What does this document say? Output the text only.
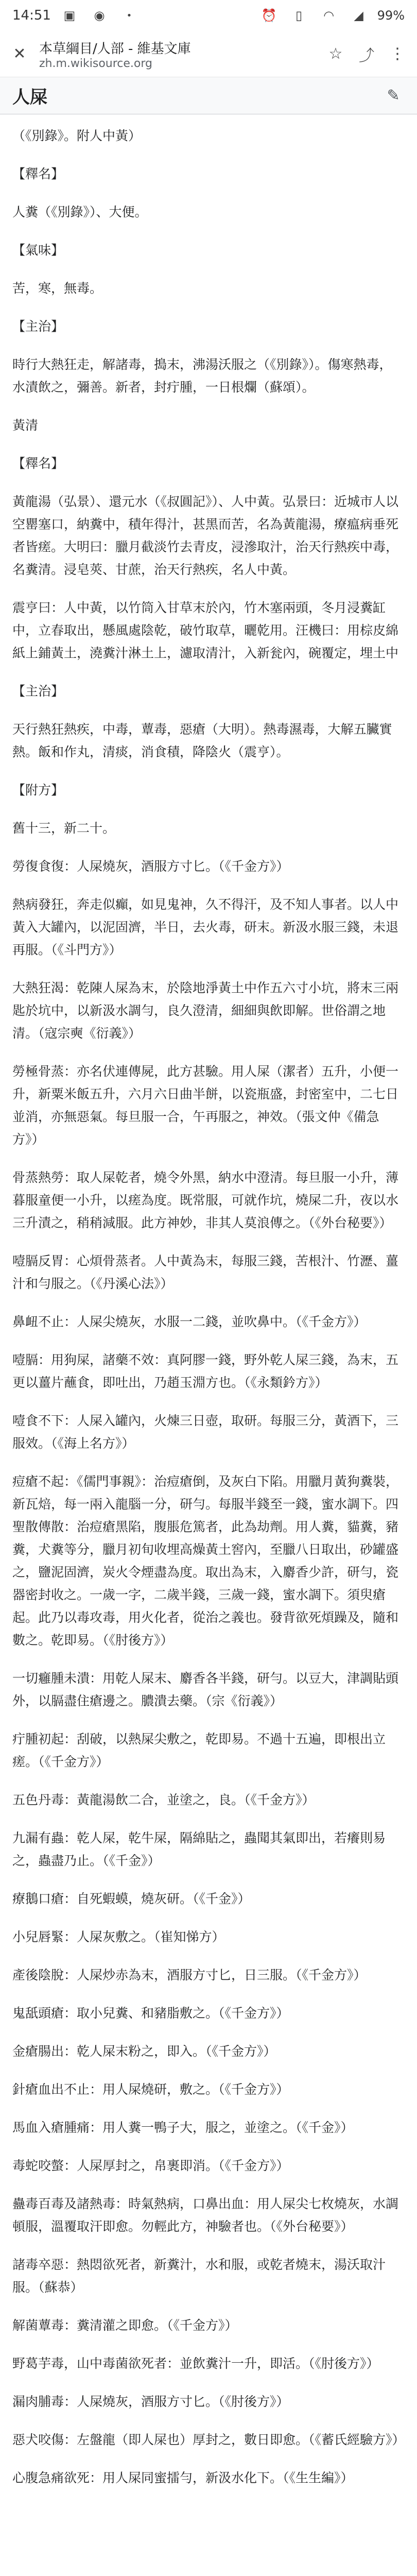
14:51	▣	◉	•	⏰	▯	◠	◢	99%
✕ 本草綱目/人部 - 維基文庫
zh.m.wikisource.org
☆ ⤴ ⋮
人屎	✎

（《別錄》。附人中黃）

【釋名】

人糞（《別錄》）、大便。

【氣味】

苦，寒，無毒。

【主治】

時行大熱狂走，解諸毒，搗末，沸湯沃服之（《別錄》）。傷寒熱毒，水漬飲之，彌善。新者，封疔腫，一日根爛（蘇頌）。

黃清

【釋名】

黃龍湯（弘景）、還元水（《叔圓記》）、人中黃。弘景曰：近城市人以空罌塞口，納糞中，積年得汁，甚黑而苦，名為黃龍湯，療瘟病垂死者皆瘥。大明曰：臘月截淡竹去青皮，浸滲取汁，治天行熱疾中毒，名糞清。浸皂莢、甘蔗，治天行熱疾，名人中黃。

震亨曰：人中黃，以竹筒入甘草末於內，竹木塞兩頭，冬月浸糞缸中，立春取出，懸風處陰乾，破竹取草，曬乾用。汪機曰：用棕皮綿紙上鋪黃土，澆糞汁淋土上，濾取清汁，入新瓮內，碗覆定，埋土中

【主治】

天行熱狂熱疾，中毒，蕈毒，惡瘡（大明）。熱毒濕毒，大解五臟實熱。飯和作丸，清痰，消食積，降陰火（震亨）。

【附方】

舊十三，新二十。

勞復食復：人屎燒灰，酒服方寸匕。（《千金方》）

熱病發狂，奔走似癲，如見鬼神，久不得汗，及不知人事者。以人中黃入大罐內，以泥固濟，半日，去火毒，研末。新汲水服三錢，未退再服。（《斗門方》）

大熱狂渴：乾陳人屎為末，於陰地淨黃土中作五六寸小坑，將末三兩匙於坑中，以新汲水調勻，良久澄清，細細與飲即解。世俗謂之地清。（寇宗奭《衍義》）

勞極骨蒸：亦名伏連傳屍，此方甚驗。用人屎（潔者）五升，小便一升，新粟米飯五升，六月六日曲半餅，以瓷瓶盛，封密室中，二七日並消，亦無惡氣。每旦服一合，午再服之，神效。（張文仲《備急方》）

骨蒸熱勞：取人屎乾者，燒令外黑，納水中澄清。每旦服一小升，薄暮服童便一小升，以瘥為度。既常服，可就作坑，燒屎二升，夜以水三升漬之，稍稍減服。此方神妙，非其人莫浪傳之。（《外台秘要》）

噎膈反胃：心煩骨蒸者。人中黃為末，每服三錢，苦根汁、竹瀝、薑汁和勻服之。（《丹溪心法》）

鼻衄不止：人屎尖燒灰，水服一二錢，並吹鼻中。（《千金方》）

噎膈：用狗屎，諸藥不效：真阿膠一錢，野外乾人屎三錢，為末，五更以薑片蘸食，即吐出，乃趙玉淵方也。（《永類鈐方》）

噎食不下：人屎入罐內，火煉三日壺，取研。每服三分，黃酒下，三服效。（《海上名方》）

痘瘡不起：《儒門事親》：治痘瘡倒，及灰白下陷。用臘月黃狗糞裝，新瓦焙，每一兩入龍腦一分，研勻。每服半錢至一錢，蜜水調下。四聖散傳散：治痘瘡黑陷，腹脹危篤者，此為劫劑。用人糞，貓糞，豬糞，犬糞等分，臘月初旬收埋高燥黃土窖內，至臘八日取出，砂罐盛之，鹽泥固濟，炭火令煙盡為度。取出為末，入麝香少許，研勻，瓷器密封收之。一歲一字，二歲半錢，三歲一錢，蜜水調下。須臾瘡起。此乃以毒攻毒，用火化者，從治之義也。發背欲死煩躁及，隨和數之。乾即易。（《肘後方》）

一切癰腫未潰：用乾人屎末、麝香各半錢，研勻。以豆大，津調貼頭外，以膈盡住瘡邊之。膿潰去藥。（宗《衍義》）

疔腫初起：刮破，以熱屎尖敷之，乾即易。不過十五遍，即根出立瘥。（《千金方》）

五色丹毒：黃龍湯飲二合，並塗之，良。（《千金方》）

九漏有蟲：乾人屎，乾牛屎，隔綿貼之，蟲聞其氣即出，若癢則易之，蟲盡乃止。（《千金》）

療鵝口瘡：自死蝦蟆，燒灰研。（《千金》）

小兒唇緊：人屎灰敷之。（崔知悌方）

產後陰脫：人屎炒赤為末，酒服方寸匕，日三服。（《千金方》）

鬼舐頭瘡：取小兒糞、和豬脂敷之。（《千金方》）

金瘡腸出：乾人屎末粉之，即入。（《千金方》）

針瘡血出不止：用人屎燒研，敷之。（《千金方》）

馬血入瘡腫痛：用人糞一鴨子大，服之，並塗之。（《千金》）

毒蛇咬螫：人屎厚封之，帛裹即消。（《千金方》）

蠱毒百毒及諸熱毒：時氣熱病，口鼻出血：用人屎尖七枚燒灰，水調頓服，溫覆取汗即愈。勿輕此方，神驗者也。（《外台秘要》）

諸毒卒惡：熱悶欲死者，新糞汁，水和服，或乾者燒末，湯沃取汁服。（蘇恭）

解菌蕈毒：糞清灌之即愈。（《千金方》）

野葛芋毒，山中毒菌欲死者：並飲糞汁一升，即活。（《肘後方》）

漏肉脯毒：人屎燒灰，酒服方寸匕。（《肘後方》）

惡犬咬傷：左盤龍（即人屎也）厚封之，數日即愈。（《蓄氏經驗方》）

心腹急痛欲死：用人屎同蜜擂勻，新汲水化下。（《生生編》）
